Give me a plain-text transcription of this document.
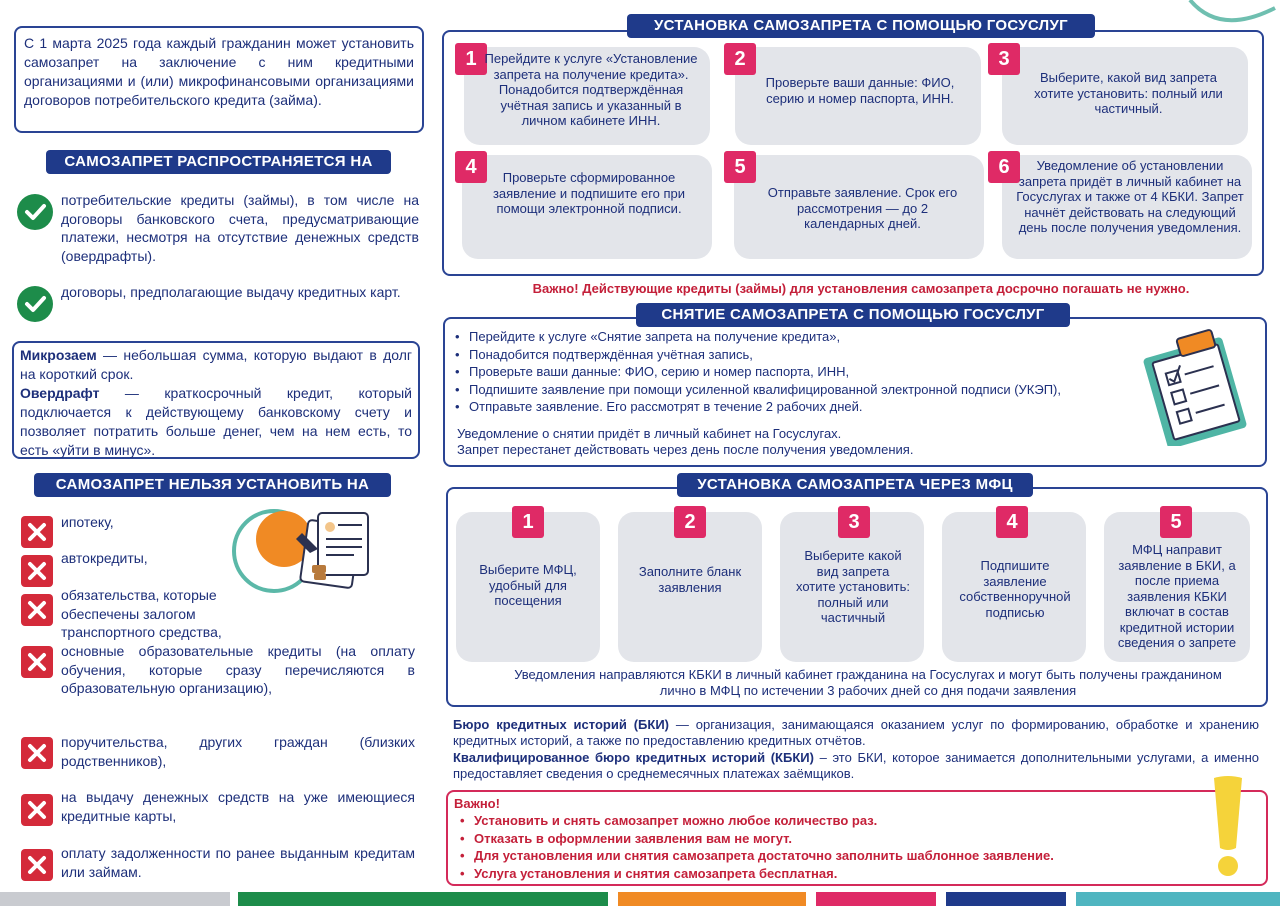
С 1 марта 2025 года каждый гражданин может установить самозапрет на заключение с ним кредитными организациями и (или) микрофинансовыми организациями договоров потребительского кредита (займа).
САМОЗАПРЕТ РАСПРОСТРАНЯЕТСЯ НА
потребительские кредиты (займы), в том числе на договоры банковского счета, предусматривающие платежи, несмотря на отсутствие денежных средств (овердрафты).
договоры, предполагающие выдачу кредитных карт.
Микрозаем — небольшая сумма, которую выдают в долг на короткий срок.
Овердрафт — краткосрочный кредит, который подключается к действующему банковскому счету и позволяет потратить больше денег, чем на нем есть, то есть «уйти в минус».
САМОЗАПРЕТ НЕЛЬЗЯ УСТАНОВИТЬ НА
ипотеку,
автокредиты,
обязательства, которые обеспечены залогом транспортного средства,
основные образовательные кредиты (на оплату обучения, которые сразу перечисляются в образовательную организацию),
поручительства, других граждан (близких родственников),
на выдачу денежных средств на уже имеющиеся кредитные карты,
оплату задолженности по ранее выданным кредитам или займам.
УСТАНОВКА САМОЗАПРЕТА С ПОМОЩЬЮ ГОСУСЛУГ
1 Перейдите к услуге «Установление запрета на получение кредита». Понадобится подтверждённая учётная запись и указанный в личном кабинете ИНН.
2
Проверьте ваши данные: ФИО, серию и номер паспорта, ИНН.
3
Выберите, какой вид запрета хотите установить: полный или частичный.
4	Проверьте сформированное заявление и подпишите его при помощи электронной подписи.
5
Отправьте заявление. Срок его рассмотрения — до 2 календарных дней.
6	Уведомление об установлении запрета придёт в личный кабинет на Госуслугах и также от 4 КБКИ. Запрет начнёт действовать на следующий день после получения уведомления.
Важно! Действующие кредиты (займы) для установления самозапрета досрочно погашать не нужно.
СНЯТИЕ САМОЗАПРЕТА С ПОМОЩЬЮ ГОСУСЛУГ
• Перейдите к услуге «Снятие запрета на получение кредита»,
• Понадобится подтверждённая учётная запись,
• Проверьте ваши данные: ФИО, серию и номер паспорта, ИНН,
• Подпишите заявление при помощи усиленной квалифицированной электронной подписи (УКЭП),
• Отправьте заявление. Его рассмотрят в течение 2 рабочих дней.
Уведомление о снятии придёт в личный кабинет на Госуслугах.
Запрет перестанет действовать через день после получения уведомления.
УСТАНОВКА САМОЗАПРЕТА ЧЕРЕЗ МФЦ
1
Выберите МФЦ, удобный для посещения
2
Заполните бланк заявления
3
Выберите какой вид запрета хотите установить: полный или частичный
4
Подпишите заявление собственноручной подписью
5
МФЦ направит заявление в БКИ, а после приема заявления КБКИ включат в состав кредитной истории сведения о запрете
Уведомления направляются КБКИ в личный кабинет гражданина на Госуслугах и могут быть получены гражданином лично в МФЦ по истечении 3 рабочих дней со дня подачи заявления
Бюро кредитных историй (БКИ) — организация, занимающаяся оказанием услуг по формированию, обработке и хранению кредитных историй, а также по предоставлению кредитных отчётов.
Квалифицированное бюро кредитных историй (КБКИ) – это БКИ, которое занимается дополнительными услугами, а именно предоставляет сведения о среднемесячных платежах заёмщиков.
Важно!
• Установить и снять самозапрет можно любое количество раз.
• Отказать в оформлении заявления вам не могут.
• Для установления или снятия самозапрета достаточно заполнить шаблонное заявление.
• Услуга установления и снятия самозапрета бесплатная.
